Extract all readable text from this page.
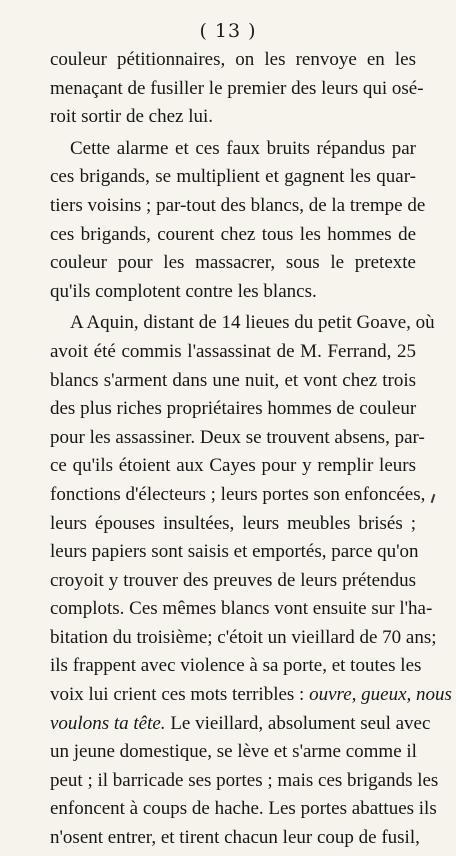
( 13 )

couleur pétitionnaires, on les renvoye en les
menaçant de fusiller le premier des leurs qui osé-
roit sortir de chez lui.

Cette alarme et ces faux bruits répandus par
ces brigands, se multiplient et gagnent les quar-
tiers voisins ; par-tout des blancs, de la trempe de
ces brigands, courent chez tous les hommes de
couleur pour les massacrer, sous le pretexte
qu'ils complotent contre les blancs.

A Aquin, distant de 14 lieues du petit Goave, où
avoit été commis l'assassinat de M. Ferrand, 25
blancs s'arment dans une nuit, et vont chez trois
des plus riches propriétaires hommes de couleur
pour les assassiner. Deux se trouvent absens, par-
ce qu'ils étoient aux Cayes pour y remplir leurs
fonctions d'électeurs ; leurs portes son enfoncées,
leurs épouses insultées, leurs meubles brisés ;
leurs papiers sont saisis et emportés, parce qu'on
croyoit y trouver des preuves de leurs prétendus
complots. Ces mêmes blancs vont ensuite sur l'ha-
bitation du troisième; c'étoit un vieillard de 70 ans;
ils frappent avec violence à sa porte, et toutes les
voix lui crient ces mots terribles : ouvre, gueux, nous
voulons ta tête. Le vieillard, absolument seul avec
un jeune domestique, se lève et s'arme comme il
peut ; il barricade ses portes ; mais ces brigands les
enfoncent à coups de hache. Les portes abattues ils
n'osent entrer, et tirent chacun leur coup de fusil,
